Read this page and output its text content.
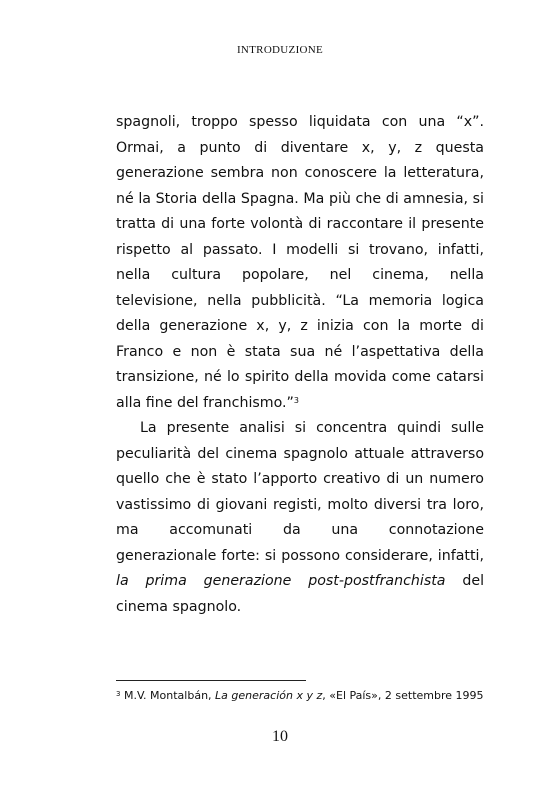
INTRODUZIONE

spagnoli, troppo spesso liquidata con una “x”. Ormai, a punto di diventare x, y, z questa generazione sembra non conoscere la letteratura, né la Storia della Spagna. Ma più che di amnesia, si tratta di una forte volontà di raccontare il presente rispetto al passato. I modelli si trovano, infatti, nella cultura popolare, nel cinema, nella televisione, nella pubblicità. “La memoria logica della generazione x, y, z inizia con la morte di Franco e non è stata sua né l’aspettativa della transizione, né lo spirito della movida come catarsi alla fine del franchismo.”$^3$

La presente analisi si concentra quindi sulle peculiarità del cinema spagnolo attuale attraverso quello che è stato l’apporto creativo di un numero vastissimo di giovani registi, molto diversi tra loro, ma accomunati da una connotazione generazionale forte: si possono considerare, infatti, la prima generazione post-postfranchista del cinema spagnolo.

$^3$ M.V. Montalbán, La generación x y z, «El País», 2 settembre 1995
10
